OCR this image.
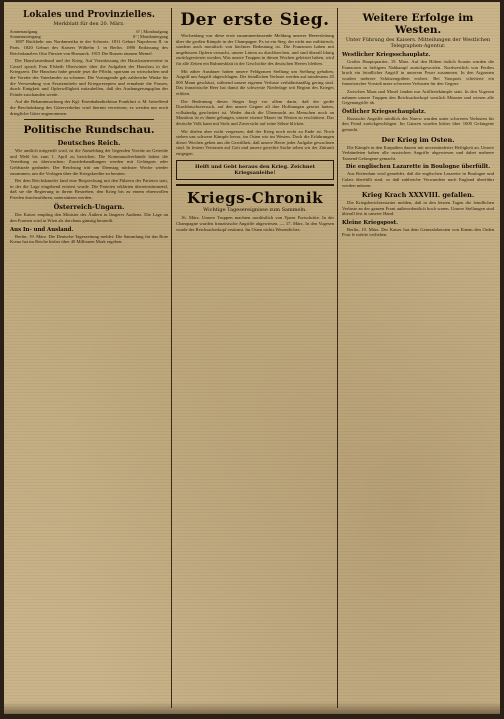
Lokales und Provinzielles.
Merkblatt für den 20. März.
Sonnenaufgang	6° | Mondaufgang
Sonnenuntergang	6° | Monduntergang

1807 Rückkehr aus Nordamerika in der Schweiz. 1811 Geburt Napoleons II. in Paris. 1820 Geburt des Kaisers Wilhelm I. in Berlin. 1890 Entlassung des Reichskanzlers Otto Fürsten von Bismarck. 1915 Die Russen räumen Memel.

Der Hausfrauenbund und der Krieg. Auf Veranlassung der Hausfrauenvereine in Cassel sprach Frau Elsbeth Oberwinter über die Aufgaben der Hausfrau in der Kriegszeit. Die Hausfrau habe gerade jetzt die Pflicht, sparsam zu wirtschaften und die Vorräte des Vaterlandes zu schonen. Die Vortragende gab zahlreiche Winke für die Verwendung von Ersatzmitteln und Kriegsrezepten und ermahnte die Frauen, durch Einigkeit und Opferwilligkeit mitzuhelfen, daß der Aushungerungsplan der Feinde zuschanden werde.

Auf die Bekanntmachung der Kgl. Eisenbahndirektion Frankfurt a. M. betreffend die Beschränkung des Güterverkehrs wird hiermit verwiesen; es werden nur noch dringliche Güter angenommen.

Politische Rundschau.
Deutsches Reich.

Wie amtlich mitgeteilt wird, ist die Anmeldung der liegenden Vorräte an Getreide und Mehl bis zum 1. April zu bewirken. Die Kommunalverbände haben die Verteilung zu überwachen; Zuwiderhandlungen werden mit Gefängnis oder Geldstrafe geahndet. Der Reichstag tritt am Dienstag nächster Woche wieder zusammen, um die Vorlagen über die Kriegskredite zu beraten.

Bei dem Reichskanzler fand eine Besprechung mit den Führern der Parteien statt, in der die Lage eingehend erörtert wurde. Die Parteien erklärten übereinstimmend, daß sie die Regierung in ihrem Bestreben, den Krieg bis zu einem ehrenvollen Frieden durchzuführen, unterstützen werden.

Österreich-Ungarn.

Der Kaiser empfing den Minister des Äußern in längerer Audienz. Die Lage an den Fronten wird in Wien als durchaus günstig beurteilt.

Aus In- und Ausland.

Berlin, 19. März. Die Deutsche Tageszeitung meldet: Die Sammlung für das Rote Kreuz hat im Reiche bisher über 40 Millionen Mark ergeben.

Der erste Sieg.

Wochenlang war diese erste zusammenfassende Meldung unserer Heeresleitung über die großen Kämpfe in der Champagne. Es ist ein Sieg, der nicht nur militärisch, sondern auch moralisch von höchster Bedeutung ist. Die Franzosen haben mit ungeheuren Opfern versucht, unsere Linien zu durchbrechen, und sind überall blutig zurückgewiesen worden. Was unsere Truppen in diesen Wochen geleistet haben, wird für alle Zeiten ein Ruhmesblatt in der Geschichte des deutschen Heeres bleiben.

Mit zäher Ausdauer haben unsere Feldgrauen Stellung um Stellung gehalten, Angriff um Angriff abgeschlagen. Die feindlichen Verluste werden auf mindestens 45 000 Mann geschätzt, während unsere eigenen Verluste verhältnismäßig gering sind. Das französische Heer hat damit die schwerste Niederlage seit Beginn des Krieges erlitten.

Die Bedeutung dieses Sieges liegt vor allem darin, daß der große Durchbruchsversuch, auf den unsere Gegner all ihre Hoffnungen gesetzt hatten, vollständig gescheitert ist. Weder durch die Übermacht an Menschen noch an Munition ist es ihnen gelungen, unsere eiserne Mauer im Westen zu erschüttern. Das deutsche Volk kann mit Stolz und Zuversicht auf seine Söhne blicken.

Wir dürfen aber nicht vergessen, daß der Krieg noch nicht zu Ende ist. Noch stehen uns schwere Kämpfe bevor, im Osten wie im Westen. Doch die Erfahrungen dieser Wochen geben uns die Gewißheit, daß unsere Heere jeder Aufgabe gewachsen sind. In festem Vertrauen auf Gott und unsere gerechte Sache sehen wir der Zukunft entgegen.

Helft und Gebt heraus den Krieg. Zeichnet Kriegsanleihe!
Kriegs-Chronik
Wichtige Tagesereignisse zum Sammeln.

16. März. Unsere Truppen machten nordöstlich von Ypern Fortschritte. In der Champagne wurden französische Angriffe abgewiesen. — 17. März. In den Vogesen wurde der Reichsackerkopf erstürmt. Im Osten nichts Wesentliches.

Weitere Erfolge im Westen.
Unter Führung des Kaisers. Mitteilungen der Westlichen Telegraphen-Agentur.
Westlicher Kriegsschauplatz.

Großes Hauptquartier, 19. März. Auf den Höhen östlich Souain wurden die Franzosen in heftigem Nahkampf zurückgeworfen. Nordwestlich von Perthes brach ein feindlicher Angriff in unserem Feuer zusammen. In den Argonnen wurden mehrere Schützengräben erobert. Bei Vauquois scheiterte ein französischer Vorstoß unter schweren Verlusten für den Gegner.

Zwischen Maas und Mosel fanden nur Artilleriekämpfe statt. In den Vogesen nahmen unsere Truppen den Reichsackerkopf westlich Münster und wiesen alle Gegenangriffe ab.

Östlicher Kriegsschauplatz.

Russische Angriffe nördlich des Narew wurden unter schweren Verlusten für den Feind zurückgeschlagen. Im Ganzen wurden bisher über 1600 Gefangene gemacht.

Der Krieg im Osten.

Die Kämpfe in den Karpathen dauern mit unverminderter Heftigkeit an. Unsere Verbündeten haben alle russischen Angriffe abgewiesen und dabei mehrere Tausend Gefangene gemacht.

Die englischen Lazarette in Boulogne überfüllt.

Aus Rotterdam wird gemeldet, daß die englischen Lazarette in Boulogne und Calais überfüllt sind, so daß zahlreiche Verwundete nach England überführt werden müssen.

Krieg Krach XXXVIII. gefallen.

Die Kriegsberichterstatter melden, daß in den letzten Tagen die feindlichen Verluste an der ganzen Front außerordentlich hoch waren. Unsere Stellungen sind überall fest in unserer Hand.

Kleine Kriegspost.

Berlin, 19. März. Der Kaiser hat dem Generalobersten von Einem den Orden Pour le mérite verliehen.
